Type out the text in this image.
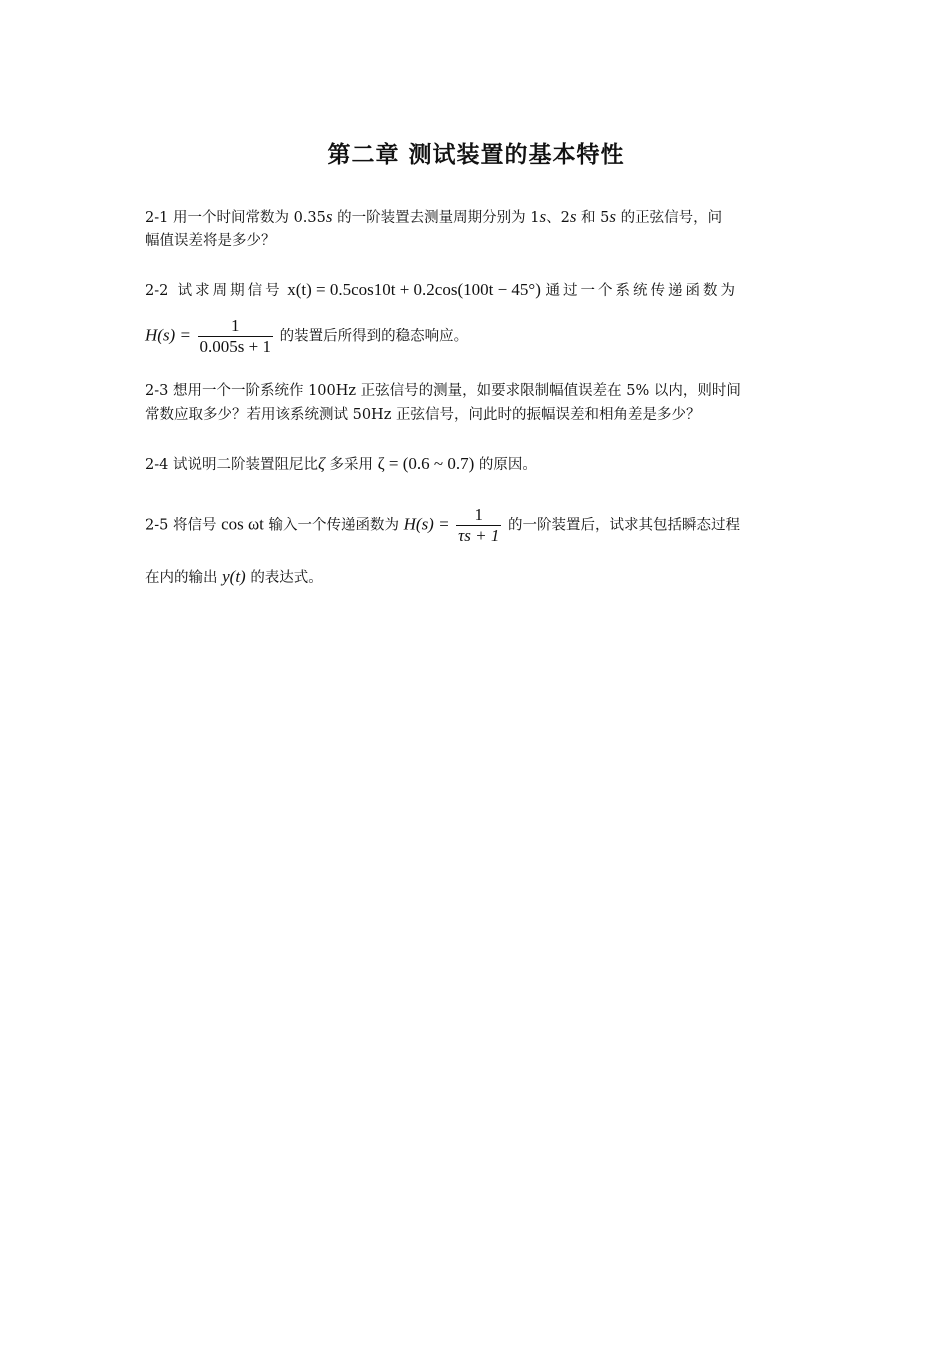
第二章 测试装置的基本特性
2-1 用一个时间常数为 0.35s 的一阶装置去测量周期分别为 1s、2s 和 5s 的正弦信号，问
幅值误差将是多少？
2-2 试求周期信号 x(t) = 0.5cos10t + 0.2cos(100t − 45°) 通过一个系统传递函数为
$H(s) = \frac{1}{0.005s + 1}$ 的装置后所得到的稳态响应。
2-3 想用一个一阶系统作 100Hz 正弦信号的测量，如要求限制幅值误差在 5% 以内，则时间
常数应取多少？若用该系统测试 50Hz 正弦信号，问此时的振幅误差和相角差是多少？
2-4 试说明二阶装置阻尼比ζ 多采用 ζ = (0.6 ~ 0.7) 的原因。
2-5 将信号 cos ωt 输入一个传递函数为 $H(s) = \frac{1}{\tau s + 1}$ 的一阶装置后，试求其包括瞬态过程
在内的输出 y(t) 的表达式。
